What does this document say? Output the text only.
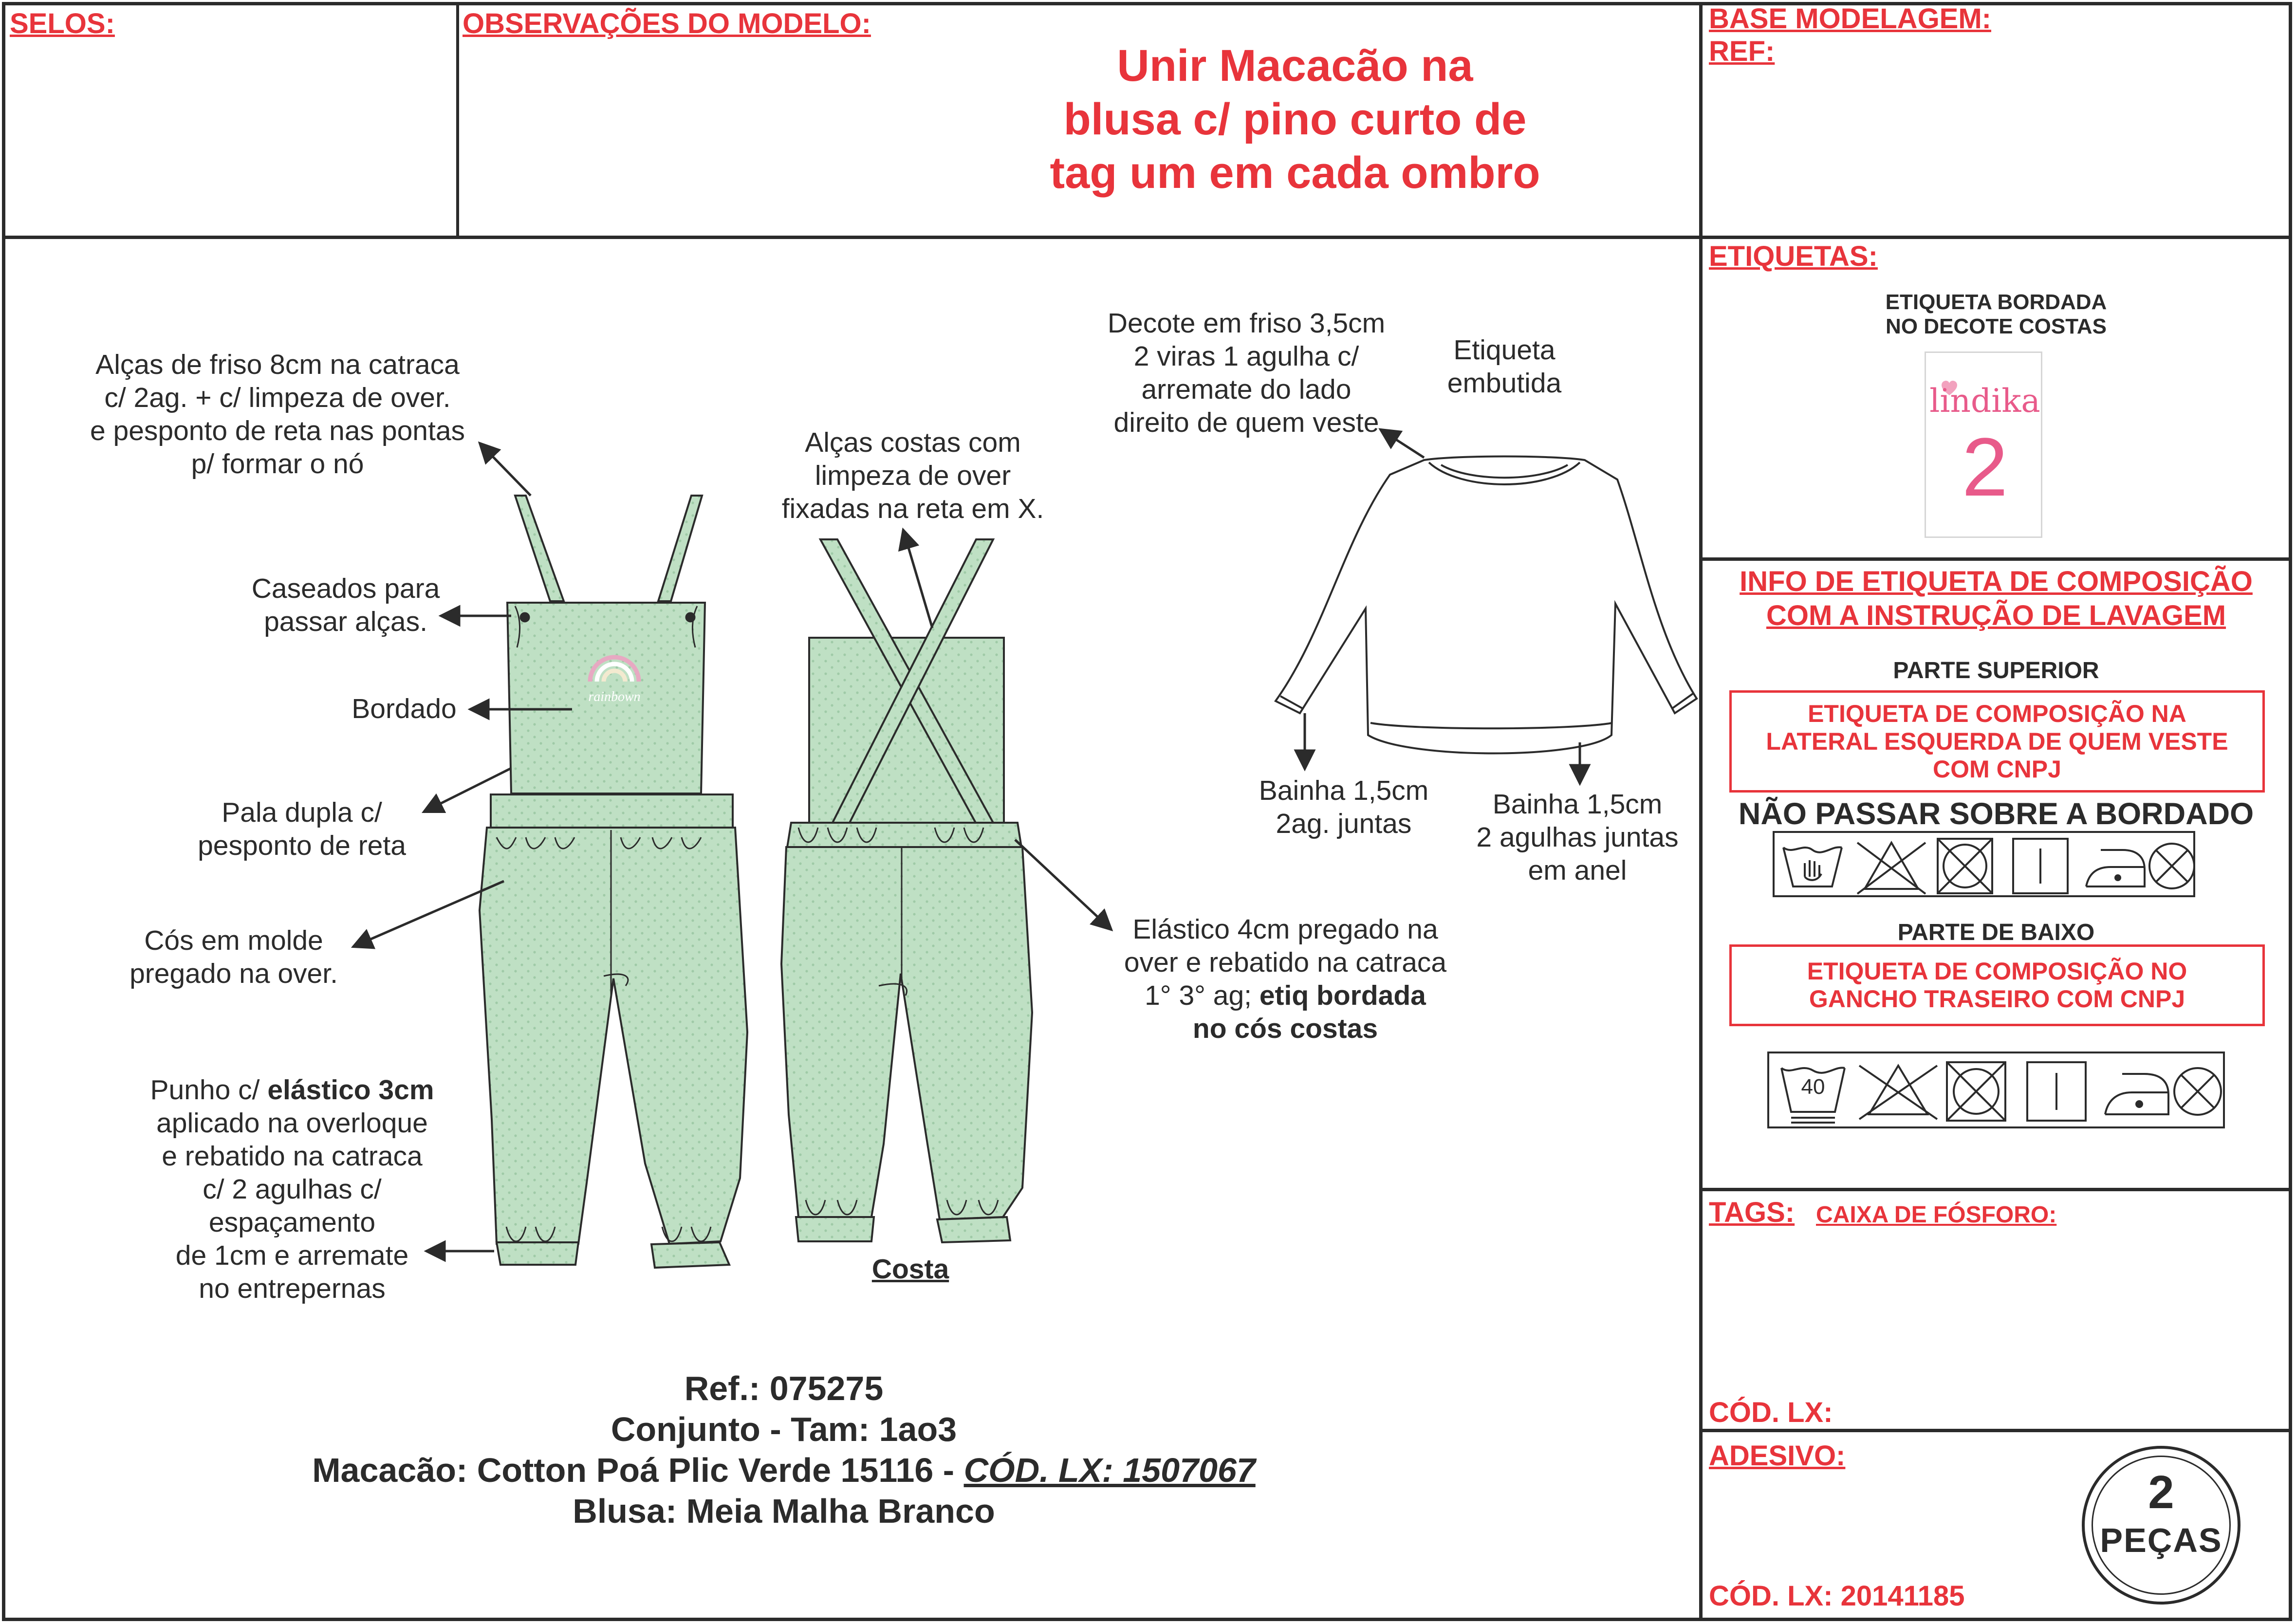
SELOS:	OBSERVAÇÕES DO MODELO:
Unir Macacão na
blusa c/ pino curto de
tag um em cada ombro
BASE MODELAGEM:
REF:
rainbown
Alças de friso 8cm na catraca
c/ 2ag. + c/ limpeza de over.
e pesponto de reta nas pontas
p/ formar o nó
Caseados para
passar alças.
Bordado
Pala dupla c/
pesponto de reta
Cós em molde
pregado na over.
Punho c/ elástico 3cm
aplicado na overloque
e rebatido na catraca
c/ 2 agulhas c/
espaçamento
de 1cm e arremate
no entrepernas
Alças costas com
limpeza de over
fixadas na reta em X.
Costa
Elástico 4cm pregado na
over e rebatido na catraca
1° 3° ag; etiq bordada
no cós costas
Decote em friso 3,5cm
2 viras 1 agulha c/
arremate do lado
direito de quem veste
Etiqueta
embutida
Bainha 1,5cm
2ag. juntas
Bainha 1,5cm
2 agulhas juntas
em anel
Ref.: 075275
Conjunto - Tam: 1ao3
Macacão: Cotton Poá Plic Verde 15116 - CÓD. LX: 1507067
Blusa: Meia Malha Branco
ETIQUETAS:
ETIQUETA BORDADA
NO DECOTE COSTAS
lindika
2
INFO DE ETIQUETA DE COMPOSIÇÃO
COM A INSTRUÇÃO DE LAVAGEM
PARTE SUPERIOR
ETIQUETA DE COMPOSIÇÃO NA
LATERAL ESQUERDA DE QUEM VESTE
COM CNPJ
NÃO PASSAR SOBRE A BORDADO
PARTE DE BAIXO
ETIQUETA DE COMPOSIÇÃO NO
GANCHO TRASEIRO COM CNPJ
40
TAGS: CAIXA DE FÓSFORO:
CÓD. LX:
ADESIVO:
2
PEÇAS
CÓD. LX: 20141185
